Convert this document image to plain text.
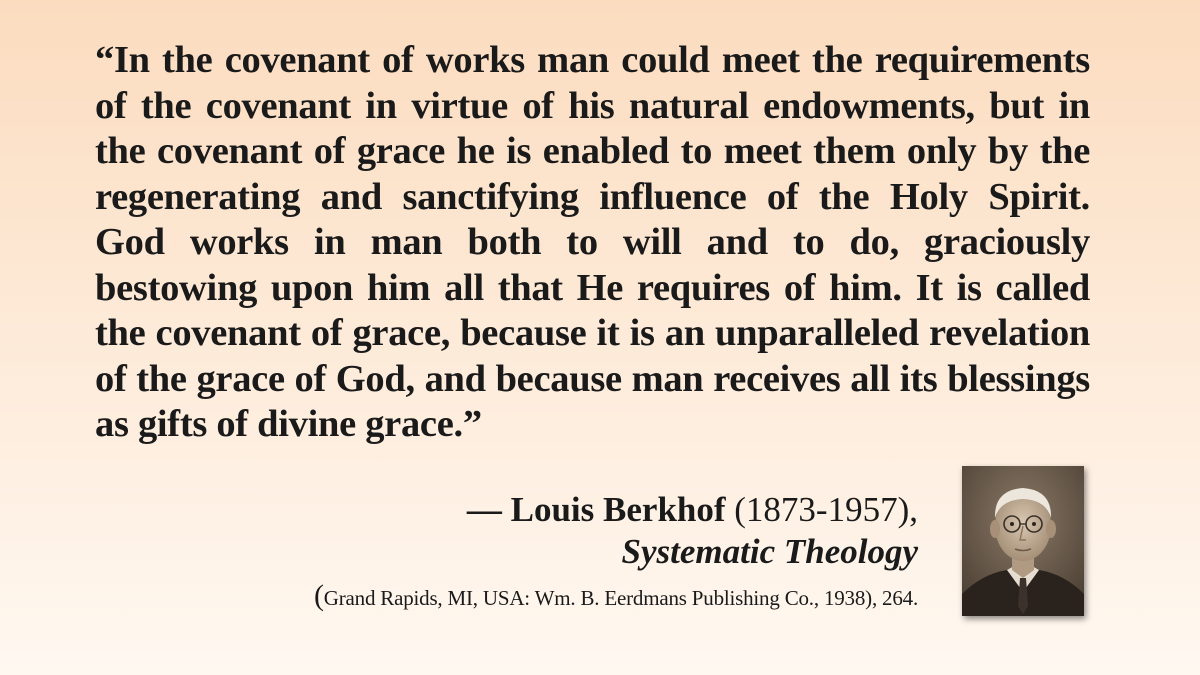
“In the covenant of works man could meet the requirements of the covenant in virtue of his natural endowments, but in the covenant of grace he is enabled to meet them only by the regenerating and sanctifying influence of the Holy Spirit. God works in man both to will and to do, graciously bestowing upon him all that He requires of him. It is called the covenant of grace, because it is an unparalleled revelation of the grace of God, and because man receives all its blessings as gifts of divine grace.”

— Louis Berkhof (1873-1957),
Systematic Theology
(Grand Rapids, MI, USA: Wm. B. Eerdmans Publishing Co., 1938), 264.
